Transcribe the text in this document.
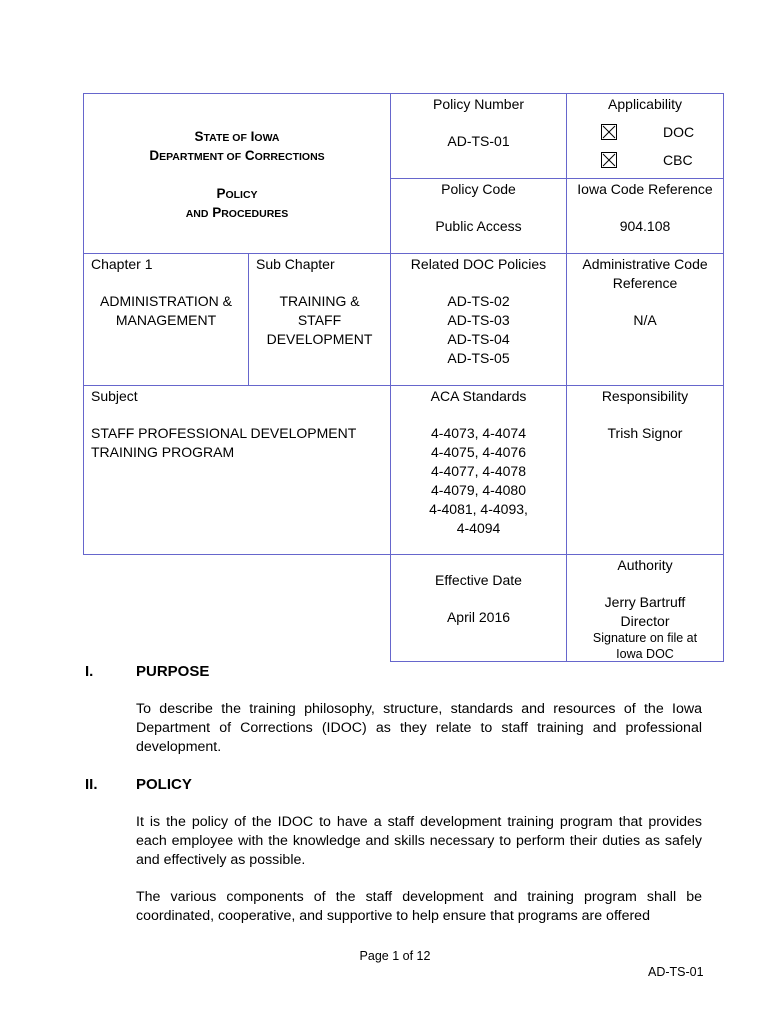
STATE OF IOWA
DEPARTMENT OF CORRECTIONS
POLICY
AND PROCEDURES
Policy Number
AD-TS-01
Applicability
DOC
CBC
Policy Code
Public Access
Iowa Code Reference
904.108
Chapter 1
ADMINISTRATION &
MANAGEMENT
Sub Chapter
TRAINING &
STAFF
DEVELOPMENT
Related DOC Policies
AD-TS-02
AD-TS-03
AD-TS-04
AD-TS-05
Administrative Code
Reference
N/A
Subject
STAFF PROFESSIONAL DEVELOPMENT
TRAINING PROGRAM
ACA Standards
4-4073, 4-4074
4-4075, 4-4076
4-4077, 4-4078
4-4079, 4-4080
4-4081, 4-4093,
4-4094
Responsibility
Trish Signor
Effective Date
April 2016
Authority
Jerry Bartruff
Director
Signature on file at
Iowa DOC
I.	PURPOSE
To describe the training philosophy, structure, standards and resources of the Iowa Department of Corrections (IDOC) as they relate to staff training and professional development.
II.	POLICY
It is the policy of the IDOC to have a staff development training program that provides each employee with the knowledge and skills necessary to perform their duties as safely and effectively as possible.
The various components of the staff development and training program shall be coordinated, cooperative, and supportive to help ensure that programs are offered
Page 1 of 12
AD-TS-01
